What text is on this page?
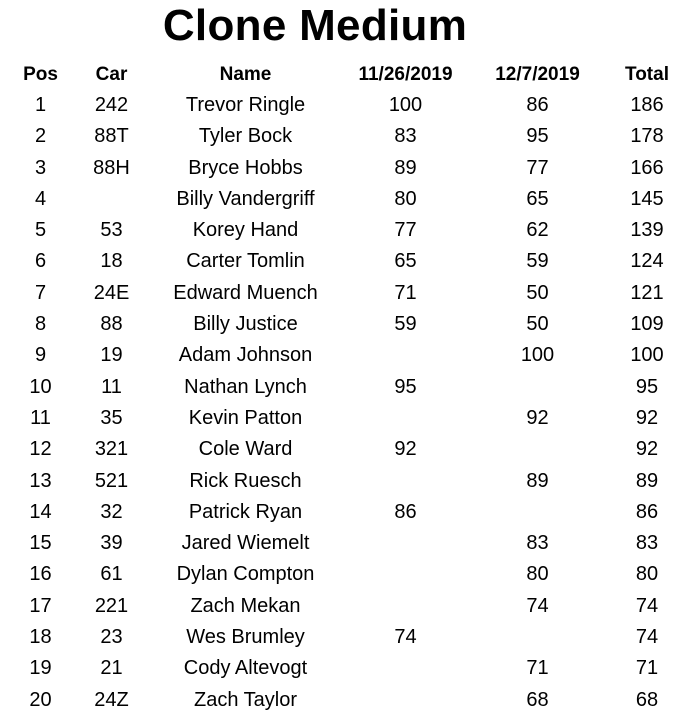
Clone Medium
Pos	Car	Name	11/26/2019	12/7/2019	Total
1	242	Trevor Ringle	100	86	186
2	88T	Tyler Bock	83	95	178
3	88H	Bryce Hobbs	89	77	166
4		Billy Vandergriff	80	65	145
5	53	Korey Hand	77	62	139
6	18	Carter Tomlin	65	59	124
7	24E	Edward Muench	71	50	121
8	88	Billy Justice	59	50	109
9	19	Adam Johnson		100	100
10	11	Nathan Lynch	95		95
11	35	Kevin Patton		92	92
12	321	Cole Ward	92		92
13	521	Rick Ruesch		89	89
14	32	Patrick Ryan	86		86
15	39	Jared Wiemelt		83	83
16	61	Dylan Compton		80	80
17	221	Zach Mekan		74	74
18	23	Wes Brumley	74		74
19	21	Cody Altevogt		71	71
20	24Z	Zach Taylor		68	68
